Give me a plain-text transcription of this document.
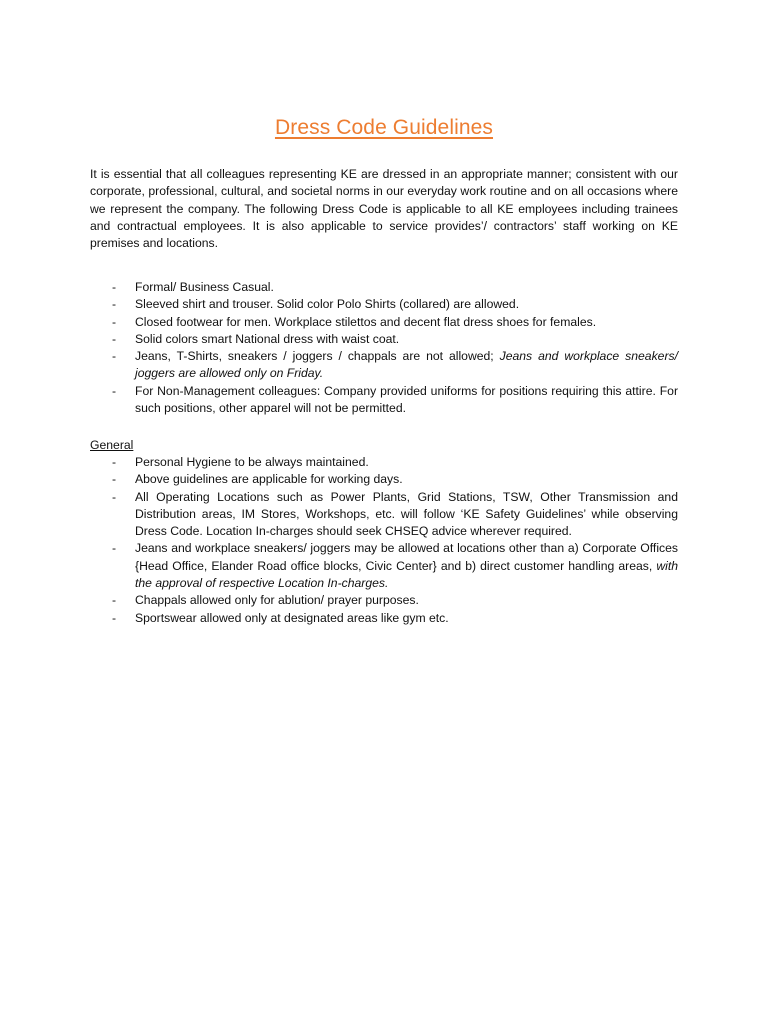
Dress Code Guidelines

It is essential that all colleagues representing KE are dressed in an appropriate manner; consistent with our corporate, professional, cultural, and societal norms in our everyday work routine and on all occasions where we represent the company. The following Dress Code is applicable to all KE employees including trainees and contractual employees. It is also applicable to service provides’/ contractors’ staff working on KE premises and locations.

- Formal/ Business Casual.
- Sleeved shirt and trouser. Solid color Polo Shirts (collared) are allowed.
- Closed footwear for men. Workplace stilettos and decent flat dress shoes for females.
- Solid colors smart National dress with waist coat.
- Jeans, T-Shirts, sneakers / joggers / chappals are not allowed; Jeans and workplace sneakers/ joggers are allowed only on Friday.
- For Non-Management colleagues: Company provided uniforms for positions requiring this attire. For such positions, other apparel will not be permitted.
General
- Personal Hygiene to be always maintained.
- Above guidelines are applicable for working days.
- All Operating Locations such as Power Plants, Grid Stations, TSW, Other Transmission and Distribution areas, IM Stores, Workshops, etc. will follow ‘KE Safety Guidelines’ while observing Dress Code. Location In-charges should seek CHSEQ advice wherever required.
- Jeans and workplace sneakers/ joggers may be allowed at locations other than a) Corporate Offices {Head Office, Elander Road office blocks, Civic Center} and b) direct customer handling areas, with the approval of respective Location In-charges.
- Chappals allowed only for ablution/ prayer purposes.
- Sportswear allowed only at designated areas like gym etc.
